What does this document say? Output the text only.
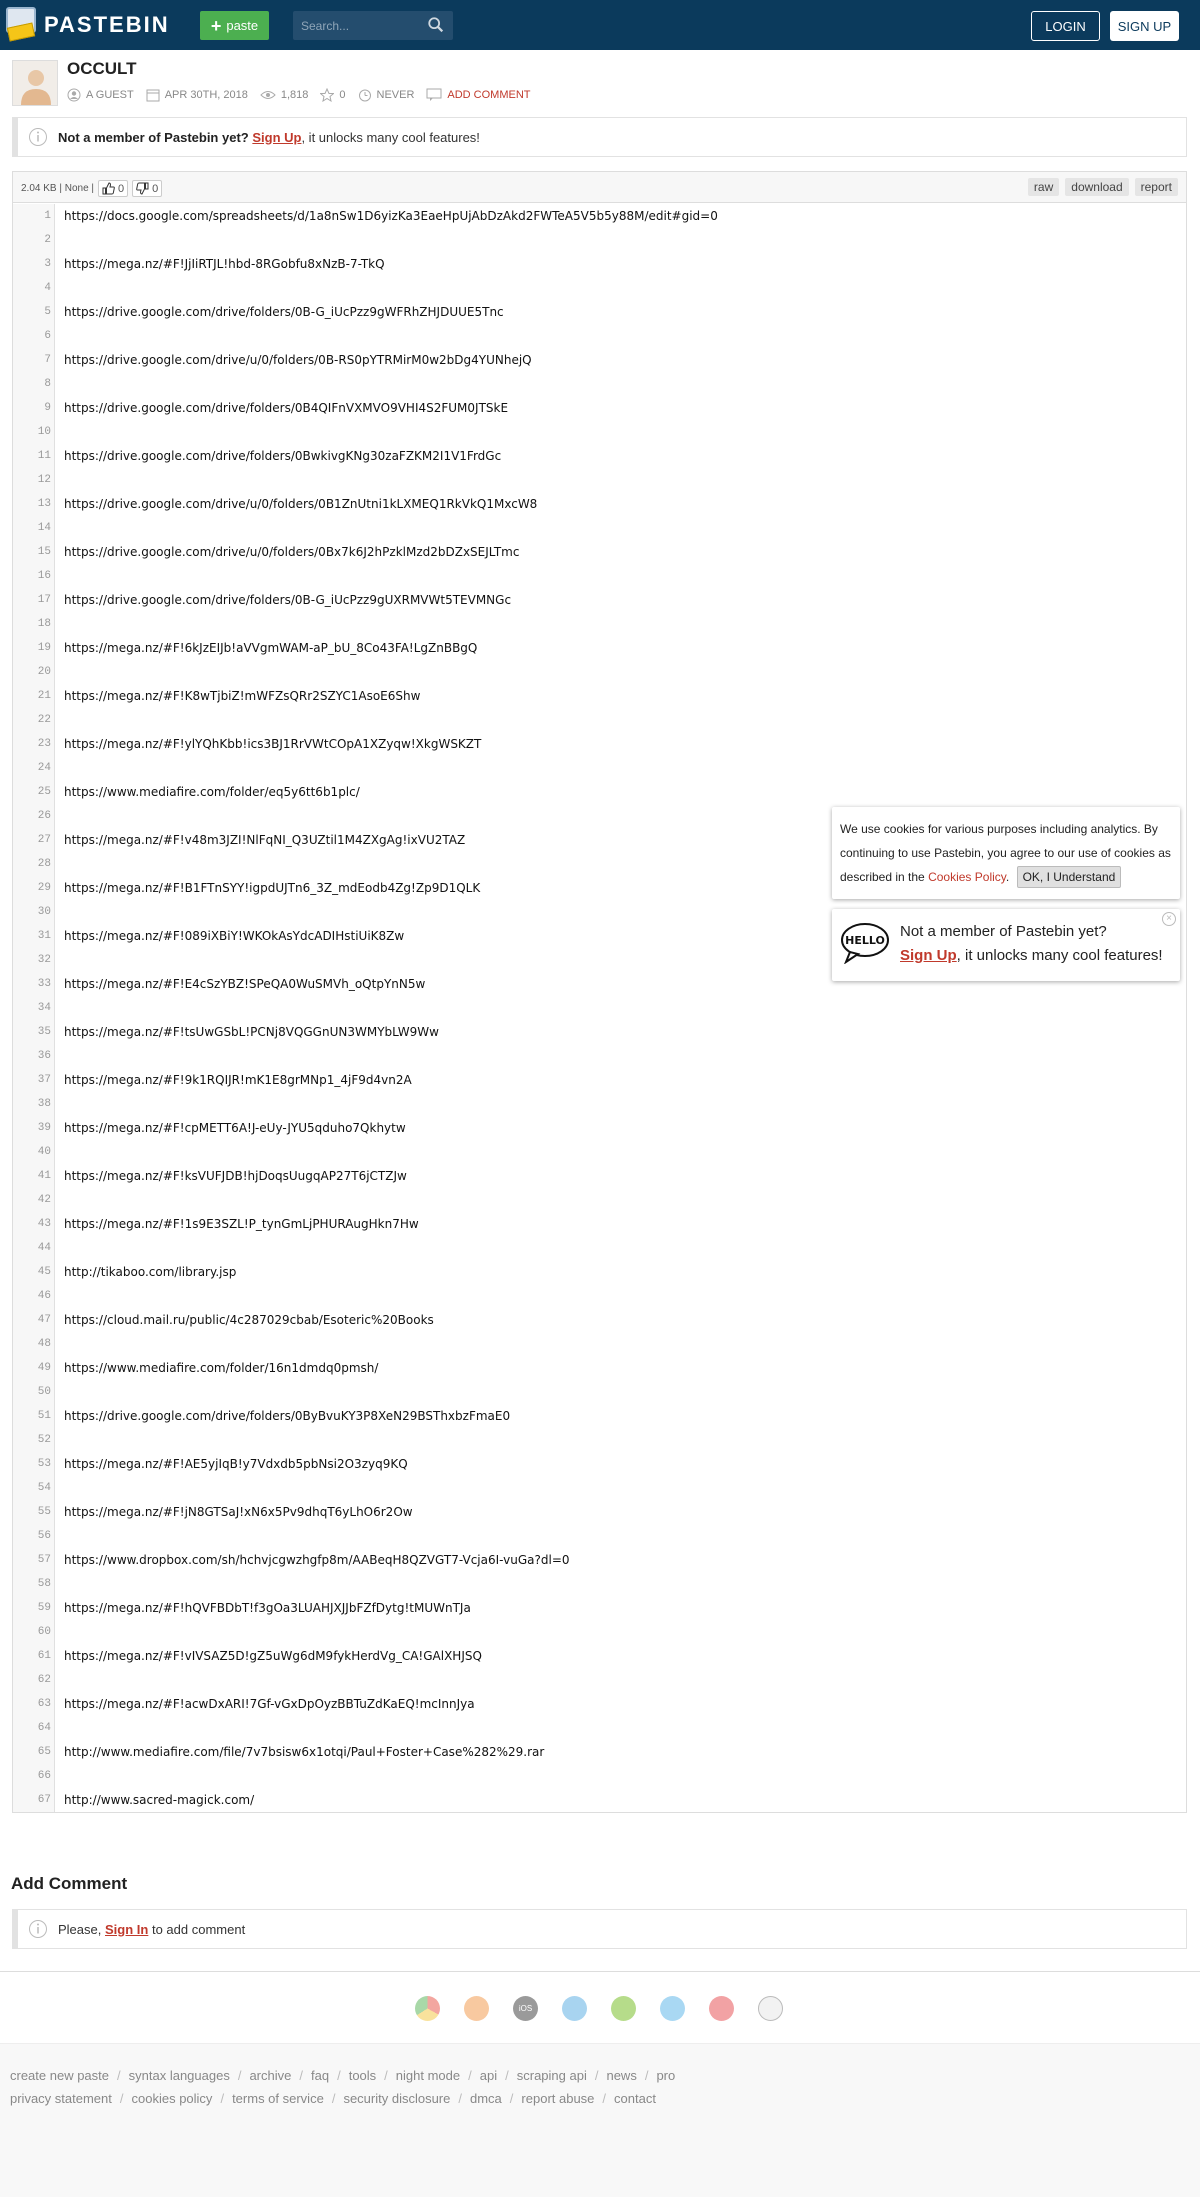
PASTEBIN + paste
Search...	LOGIN	SIGN UP
OCCULT
A GUEST	APR 30TH, 2018	1,818	0	NEVER	ADD COMMENT
Not a member of Pastebin yet? Sign Up, it unlocks many cool features!
2.04 KB | None | 0	0	raw	download	report
1 https://docs.google.com/spreadsheets/d/1a8nSw1D6yizKa3EaeHpUjAbDzAkd2FWTeA5V5b5y88M/edit#gid=0
2
3 https://mega.nz/#F!JjIiRTJL!hbd-8RGobfu8xNzB-7-TkQ
4
5 https://drive.google.com/drive/folders/0B-G_iUcPzz9gWFRhZHJDUUE5Tnc
6
7 https://drive.google.com/drive/u/0/folders/0B-RS0pYTRMirM0w2bDg4YUNhejQ
8
9 https://drive.google.com/drive/folders/0B4QIFnVXMVO9VHI4S2FUM0JTSkE
10
11 https://drive.google.com/drive/folders/0BwkivgKNg30zaFZKM2I1V1FrdGc
12
13 https://drive.google.com/drive/u/0/folders/0B1ZnUtni1kLXMEQ1RkVkQ1MxcW8
14
15 https://drive.google.com/drive/u/0/folders/0Bx7k6J2hPzklMzd2bDZxSEJLTmc
16
17 https://drive.google.com/drive/folders/0B-G_iUcPzz9gUXRMVWt5TEVMNGc
18
19 https://mega.nz/#F!6kJzEIJb!aVVgmWAM-aP_bU_8Co43FA!LgZnBBgQ
20
21 https://mega.nz/#F!K8wTjbiZ!mWFZsQRr2SZYC1AsoE6Shw
22
23 https://mega.nz/#F!ylYQhKbb!ics3BJ1RrVWtCOpA1XZyqw!XkgWSKZT
24
25 https://www.mediafire.com/folder/eq5y6tt6b1plc/
26
27 https://mega.nz/#F!v48m3JZI!NlFqNI_Q3UZtil1M4ZXgAg!ixVU2TAZ
28
29 https://mega.nz/#F!B1FTnSYY!igpdUJTn6_3Z_mdEodb4Zg!Zp9D1QLK
30
31 https://mega.nz/#F!089iXBiY!WKOkAsYdcADIHstiUiK8Zw
32
33 https://mega.nz/#F!E4cSzYBZ!SPeQA0WuSMVh_oQtpYnN5w
34
35 https://mega.nz/#F!tsUwGSbL!PCNj8VQGGnUN3WMYbLW9Ww
36
37 https://mega.nz/#F!9k1RQIJR!mK1E8grMNp1_4jF9d4vn2A
38
39 https://mega.nz/#F!cpMETT6A!J-eUy-JYU5qduho7Qkhytw
40
41 https://mega.nz/#F!ksVUFJDB!hjDoqsUugqAP27T6jCTZJw
42
43 https://mega.nz/#F!1s9E3SZL!P_tynGmLjPHURAugHkn7Hw
44
45 http://tikaboo.com/library.jsp
46
47 https://cloud.mail.ru/public/4c287029cbab/Esoteric%20Books
48
49 https://www.mediafire.com/folder/16n1dmdq0pmsh/
50
51 https://drive.google.com/drive/folders/0ByBvuKY3P8XeN29BSThxbzFmaE0
52
53 https://mega.nz/#F!AE5yjIqB!y7Vdxdb5pbNsi2O3zyq9KQ
54
55 https://mega.nz/#F!jN8GTSaJ!xN6x5Pv9dhqT6yLhO6r2Ow
56
57 https://www.dropbox.com/sh/hchvjcgwzhgfp8m/AABeqH8QZVGT7-Vcja6I-vuGa?dl=0
58
59 https://mega.nz/#F!hQVFBDbT!f3gOa3LUAHJXJJbFZfDytg!tMUWnTJa
60
61 https://mega.nz/#F!vIVSAZ5D!gZ5uWg6dM9fykHerdVg_CA!GAlXHJSQ
62
63 https://mega.nz/#F!acwDxARI!7Gf-vGxDpOyzBBTuZdKaEQ!mcInnJya
64
65 http://www.mediafire.com/file/7v7bsisw6x1otqi/Paul+Foster+Case%282%29.rar
66
67 http://www.sacred-magick.com/
We use cookies for various purposes including analytics. By continuing to use Pastebin, you agree to our use of cookies as described in the Cookies Policy. OK, I Understand
HELLO
Not a member of Pastebin yet?
Sign Up, it unlocks many cool features!
×
Add Comment
Please, Sign In to add comment
iOS
create new paste / syntax languages / archive / faq / tools / night mode / api / scraping api / news / pro
privacy statement / cookies policy / terms of service / security disclosure / dmca / report abuse / contact
